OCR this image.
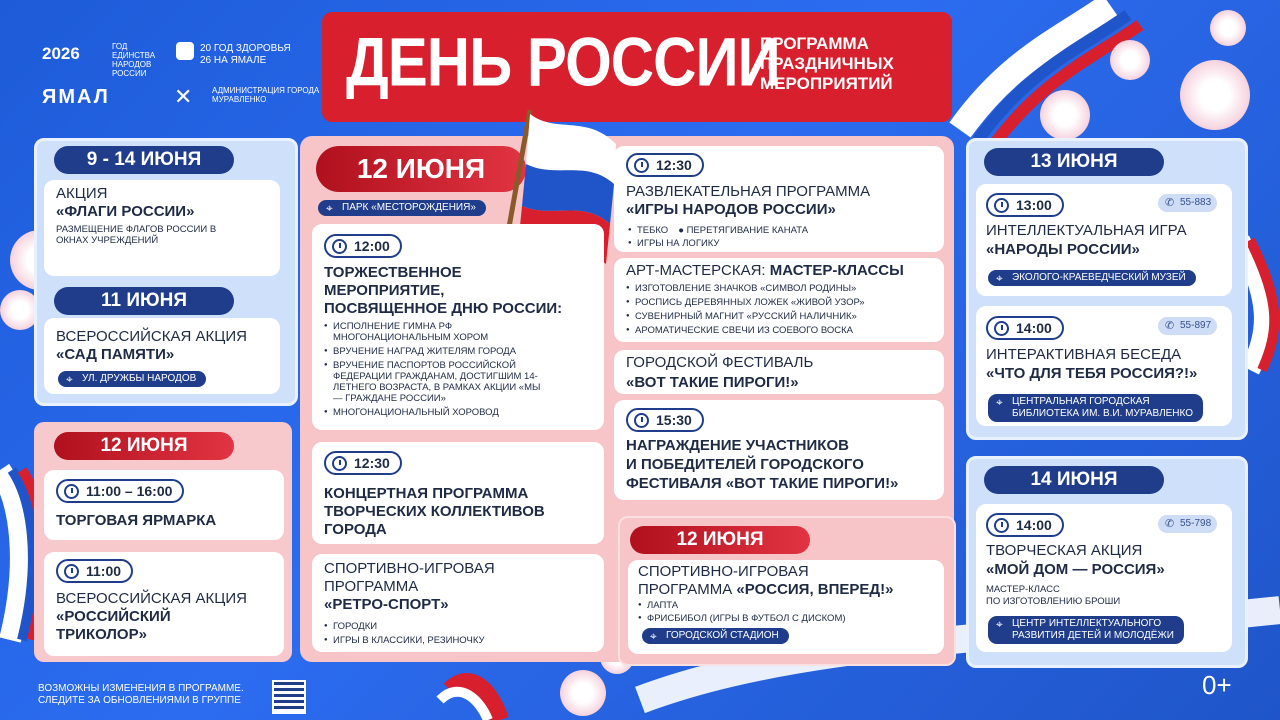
2026	ГОД ЕДИНСТВА НАРОДОВ РОССИИ
20 ГОД ЗДОРОВЬЯ
26 НА ЯМАЛЕ
ЯМАЛ	✕ АДМИНИСТРАЦИЯ ГОРОДА МУРАВЛЕНКО	ДЕНЬ РОССИИ
ПРОГРАММА
ПРАЗДНИЧНЫХ
МЕРОПРИЯТИЙ
9 - 14 ИЮНЯ
АКЦИЯ
«ФЛАГИ РОССИИ»
РАЗМЕЩЕНИЕ ФЛАГОВ РОССИИ В ОКНАХ УЧРЕЖДЕНИЙ
11 ИЮНЯ
ВСЕРОССИЙСКАЯ АКЦИЯ
«САД ПАМЯТИ»
⌖ УЛ. ДРУЖБЫ НАРОДОВ
12 ИЮНЯ
11:00 – 16:00
ТОРГОВАЯ ЯРМАРКА
11:00
ВСЕРОССИЙСКАЯ АКЦИЯ
«РОССИЙСКИЙ
ТРИКОЛОР»
12 ИЮНЯ
⌖ ПАРК «МЕСТОРОЖДЕНИЯ»
12:00
ТОРЖЕСТВЕННОЕ
МЕРОПРИЯТИЕ,
ПОСВЯЩЕННОЕ ДНЮ РОССИИ:
● ИСПОЛНЕНИЕ ГИМНА РФ МНОГОНАЦИОНАЛЬНЫМ ХОРОМ
● ВРУЧЕНИЕ НАГРАД ЖИТЕЛЯМ ГОРОДА
● ВРУЧЕНИЕ ПАСПОРТОВ РОССИЙСКОЙ ФЕДЕРАЦИИ ГРАЖДАНАМ, ДОСТИГШИМ 14-ЛЕТНЕГО ВОЗРАСТА, В РАМКАХ АКЦИИ «МЫ — ГРАЖДАНЕ РОССИИ»
● МНОГОНАЦИОНАЛЬНЫЙ ХОРОВОД
12:30
КОНЦЕРТНАЯ ПРОГРАММА
ТВОРЧЕСКИХ КОЛЛЕКТИВОВ
ГОРОДА
СПОРТИВНО-ИГРОВАЯ
ПРОГРАММА
«РЕТРО-СПОРТ»
● ГОРОДКИ
● ИГРЫ В КЛАССИКИ, РЕЗИНОЧКУ
12:30
РАЗВЛЕКАТЕЛЬНАЯ ПРОГРАММА
«ИГРЫ НАРОДОВ РОССИИ»
● ТЕБКО ● ПЕРЕТЯГИВАНИЕ КАНАТА
● ИГРЫ НА ЛОГИКУ
АРТ-МАСТЕРСКАЯ: МАСТЕР-КЛАССЫ
● ИЗГОТОВЛЕНИЕ ЗНАЧКОВ «СИМВОЛ РОДИНЫ»
● РОСПИСЬ ДЕРЕВЯННЫХ ЛОЖЕК «ЖИВОЙ УЗОР»
● СУВЕНИРНЫЙ МАГНИТ «РУССКИЙ НАЛИЧНИК»
● АРОМАТИЧЕСКИЕ СВЕЧИ ИЗ СОЕВОГО ВОСКА
ГОРОДСКОЙ ФЕСТИВАЛЬ
«ВОТ ТАКИЕ ПИРОГИ!»
15:30
НАГРАЖДЕНИЕ УЧАСТНИКОВ
И ПОБЕДИТЕЛЕЙ ГОРОДСКОГО
ФЕСТИВАЛЯ «ВОТ ТАКИЕ ПИРОГИ!»
12 ИЮНЯ
СПОРТИВНО-ИГРОВАЯ
ПРОГРАММА «РОССИЯ, ВПЕРЕД!»
● ЛАПТА
● ФРИСБИБОЛ (ИГРЫ В ФУТБОЛ С ДИСКОМ)
⌖ ГОРОДСКОЙ СТАДИОН
13 ИЮНЯ
13:00	✆ 55-883
ИНТЕЛЛЕКТУАЛЬНАЯ ИГРА
«НАРОДЫ РОССИИ»
⌖ ЭКОЛОГО-КРАЕВЕДЧЕСКИЙ МУЗЕЙ
14:00	✆ 55-897
ИНТЕРАКТИВНАЯ БЕСЕДА
«ЧТО ДЛЯ ТЕБЯ РОССИЯ?!»
⌖ ЦЕНТРАЛЬНАЯ ГОРОДСКАЯ
БИБЛИОТЕКА ИМ. В.И. МУРАВЛЕНКО
14 ИЮНЯ
14:00	✆ 55-798
ТВОРЧЕСКАЯ АКЦИЯ
«МОЙ ДОМ — РОССИЯ»
МАСТЕР-КЛАСС
ПО ИЗГОТОВЛЕНИЮ БРОШИ
⌖ ЦЕНТР ИНТЕЛЛЕКТУАЛЬНОГО
РАЗВИТИЯ ДЕТЕЙ И МОЛОДЁЖИ
ВОЗМОЖНЫ ИЗМЕНЕНИЯ В ПРОГРАММЕ.
СЛЕДИТЕ ЗА ОБНОВЛЕНИЯМИ В ГРУППЕ
0+
